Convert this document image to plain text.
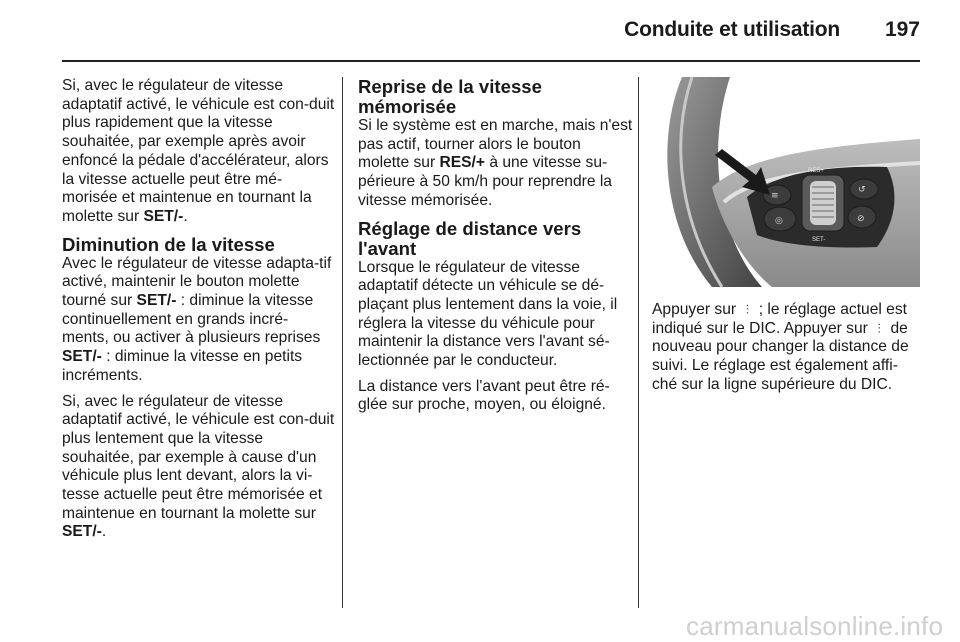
Conduite et utilisation	197

Si, avec le régulateur de vitesse adaptatif activé, le véhicule est con-duit plus rapidement que la vitesse souhaitée, par exemple après avoir enfoncé la pédale d'accélérateur, alors la vitesse actuelle peut être mé-morisée et maintenue en tournant la molette sur SET/-.

Diminution de la vitesse

Avec le régulateur de vitesse adapta-tif activé, maintenir le bouton molette tourné sur SET/- : diminue la vitesse continuellement en grands incré-ments, ou activer à plusieurs reprises SET/- : diminue la vitesse en petits incréments.

Si, avec le régulateur de vitesse adaptatif activé, le véhicule est con-duit plus lentement que la vitesse souhaitée, par exemple à cause d'un véhicule plus lent devant, alors la vi-tesse actuelle peut être mémorisée et maintenue en tournant la molette sur SET/-.

Reprise de la vitesse mémorisée

Si le système est en marche, mais n'est pas actif, tourner alors le bouton molette sur RES/+ à une vitesse su-périeure à 50 km/h pour reprendre la vitesse mémorisée.

Réglage de distance vers l'avant

Lorsque le régulateur de vitesse adaptatif détecte un véhicule se dé-plaçant plus lentement dans la voie, il réglera la vitesse du véhicule pour maintenir la distance vers l'avant sé-lectionnée par le conducteur.

La distance vers l'avant peut être ré-glée sur proche, moyen, ou éloigné.

RES+
SET-
≡
◎
↺
⊘

Appuyer sur ⫶ ; le réglage actuel est indiqué sur le DIC. Appuyer sur ⫶ de nouveau pour changer la distance de suivi. Le réglage est également affi-ché sur la ligne supérieure du DIC.

carmanualsonline.info
